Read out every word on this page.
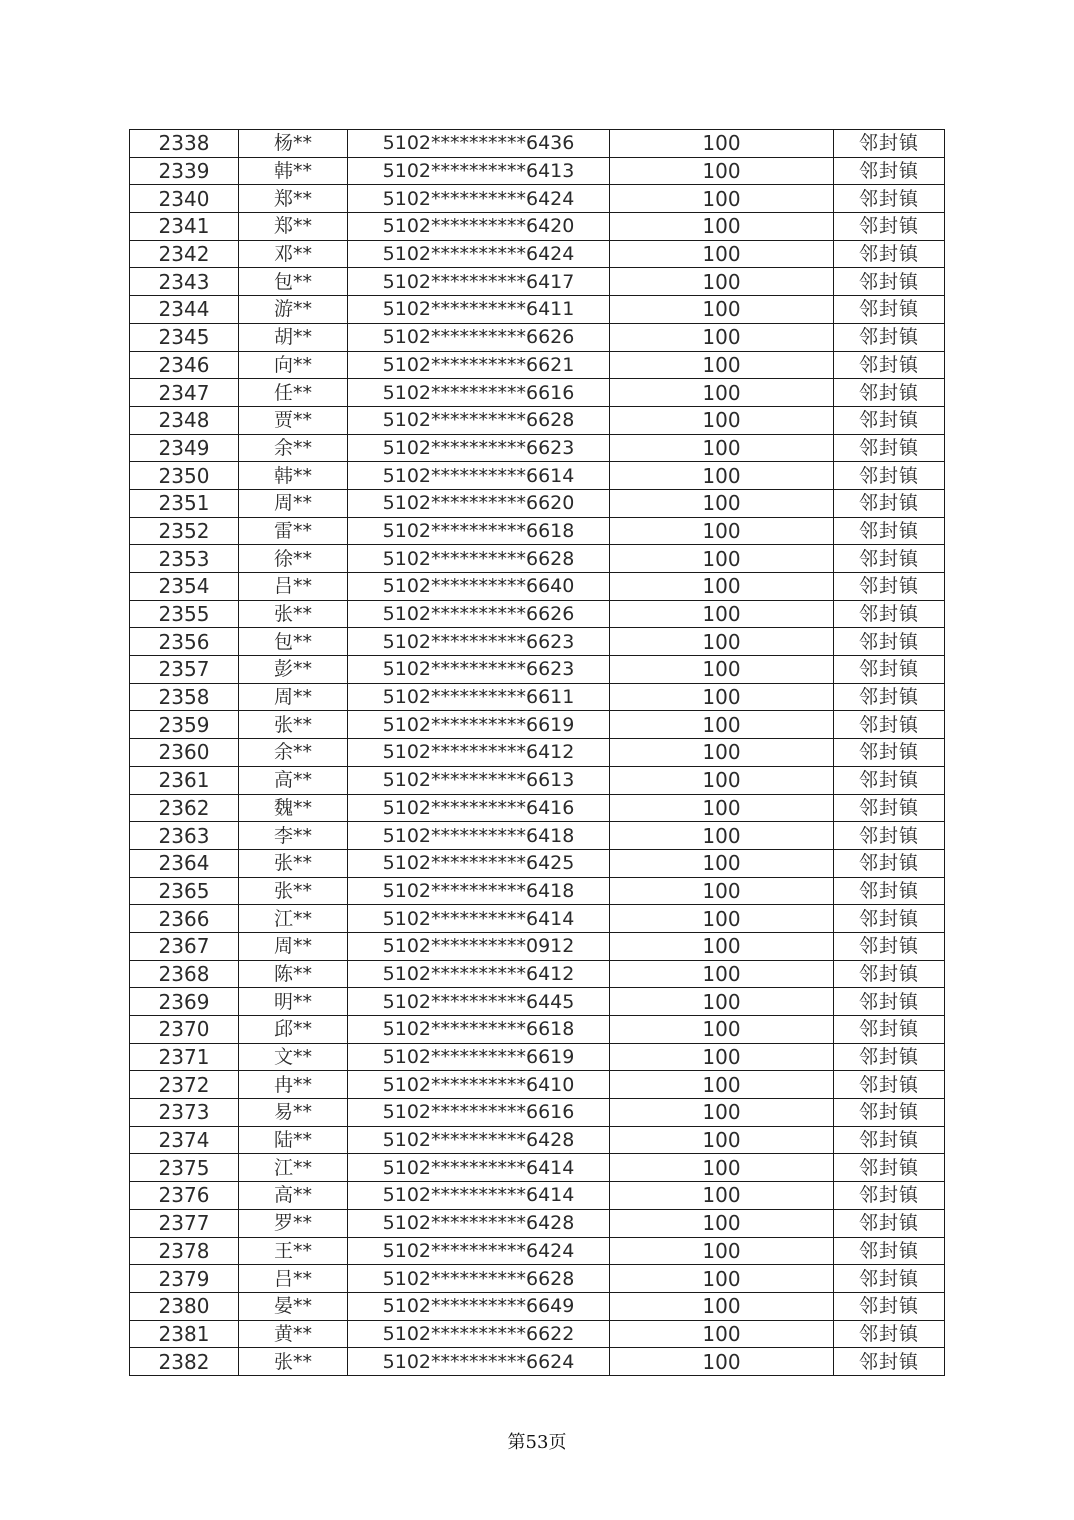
2338	杨**	5102**********6436	100	邻封镇
2339	韩**	5102**********6413	100	邻封镇
2340	郑**	5102**********6424	100	邻封镇
2341	郑**	5102**********6420	100	邻封镇
2342	邓**	5102**********6424	100	邻封镇
2343	包**	5102**********6417	100	邻封镇
2344	游**	5102**********6411	100	邻封镇
2345	胡**	5102**********6626	100	邻封镇
2346	向**	5102**********6621	100	邻封镇
2347	任**	5102**********6616	100	邻封镇
2348	贾**	5102**********6628	100	邻封镇
2349	余**	5102**********6623	100	邻封镇
2350	韩**	5102**********6614	100	邻封镇
2351	周**	5102**********6620	100	邻封镇
2352	雷**	5102**********6618	100	邻封镇
2353	徐**	5102**********6628	100	邻封镇
2354	吕**	5102**********6640	100	邻封镇
2355	张**	5102**********6626	100	邻封镇
2356	包**	5102**********6623	100	邻封镇
2357	彭**	5102**********6623	100	邻封镇
2358	周**	5102**********6611	100	邻封镇
2359	张**	5102**********6619	100	邻封镇
2360	余**	5102**********6412	100	邻封镇
2361	高**	5102**********6613	100	邻封镇
2362	魏**	5102**********6416	100	邻封镇
2363	李**	5102**********6418	100	邻封镇
2364	张**	5102**********6425	100	邻封镇
2365	张**	5102**********6418	100	邻封镇
2366	江**	5102**********6414	100	邻封镇
2367	周**	5102**********0912	100	邻封镇
2368	陈**	5102**********6412	100	邻封镇
2369	明**	5102**********6445	100	邻封镇
2370	邱**	5102**********6618	100	邻封镇
2371	文**	5102**********6619	100	邻封镇
2372	冉**	5102**********6410	100	邻封镇
2373	易**	5102**********6616	100	邻封镇
2374	陆**	5102**********6428	100	邻封镇
2375	江**	5102**********6414	100	邻封镇
2376	高**	5102**********6414	100	邻封镇
2377	罗**	5102**********6428	100	邻封镇
2378	王**	5102**********6424	100	邻封镇
2379	吕**	5102**********6628	100	邻封镇
2380	晏**	5102**********6649	100	邻封镇
2381	黄**	5102**********6622	100	邻封镇
2382	张**	5102**********6624	100	邻封镇
第53页
